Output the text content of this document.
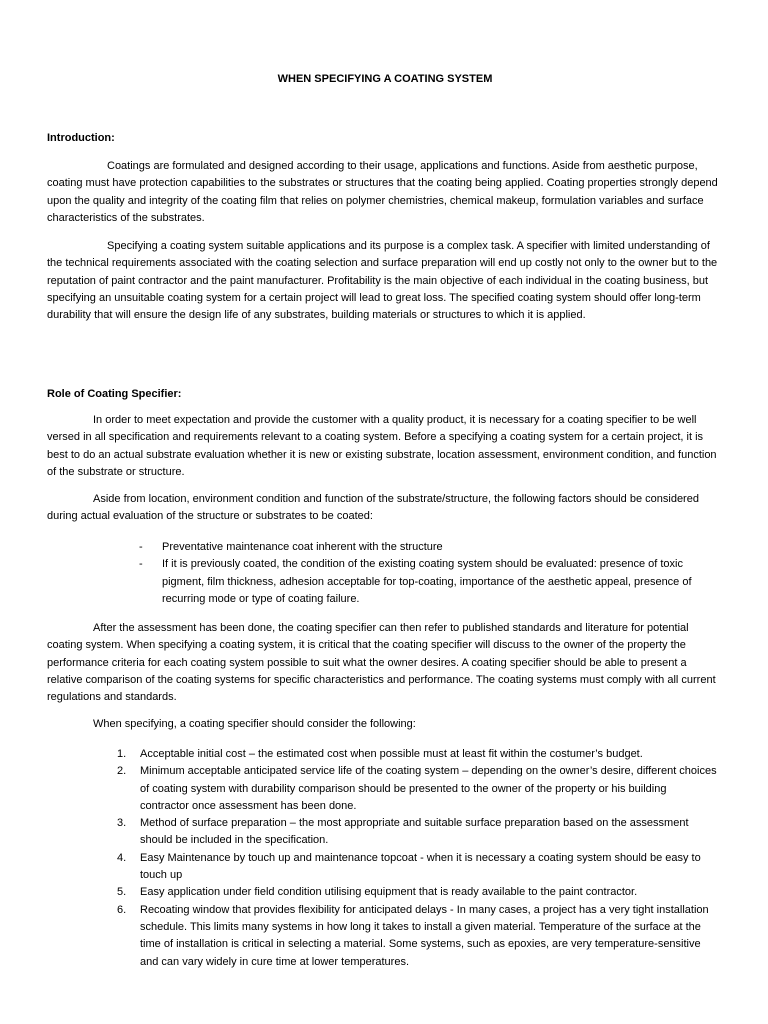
WHEN SPECIFYING A COATING SYSTEM
Introduction:

Coatings are formulated and designed according to their usage, applications and functions. Aside from aesthetic purpose, coating must have protection capabilities to the substrates or structures that the coating being applied. Coating properties strongly depend upon the quality and integrity of the coating film that relies on polymer chemistries, chemical makeup, formulation variables and surface characteristics of the substrates.

Specifying a coating system suitable applications and its purpose is a complex task. A specifier with limited understanding of the technical requirements associated with the coating selection and surface preparation will end up costly not only to the owner but to the reputation of paint contractor and the paint manufacturer. Profitability is the main objective of each individual in the coating business, but specifying an unsuitable coating system for a certain project will lead to great loss. The specified coating system should offer long-term durability that will ensure the design life of any substrates, building materials or structures to which it is applied.

Role of Coating Specifier:

In order to meet expectation and provide the customer with a quality product, it is necessary for a coating specifier to be well versed in all specification and requirements relevant to a coating system. Before a specifying a coating system for a certain project, it is best to do an actual substrate evaluation whether it is new or existing substrate, location assessment, environment condition, and function of the substrate or structure.

Aside from location, environment condition and function of the substrate/structure, the following factors should be considered during actual evaluation of the structure or substrates to be coated:

- Preventative maintenance coat inherent with the structure
- If it is previously coated, the condition of the existing coating system should be evaluated: presence of toxic pigment, film thickness, adhesion acceptable for top-coating, importance of the aesthetic appeal, presence of recurring mode or type of coating failure.

After the assessment has been done, the coating specifier can then refer to published standards and literature for potential coating system. When specifying a coating system, it is critical that the coating specifier will discuss to the owner of the property the performance criteria for each coating system possible to suit what the owner desires. A coating specifier should be able to present a relative comparison of the coating systems for specific characteristics and performance. The coating systems must comply with all current regulations and standards.

When specifying, a coating specifier should consider the following:

1. Acceptable initial cost – the estimated cost when possible must at least fit within the costumer’s budget.
2. Minimum acceptable anticipated service life of the coating system – depending on the owner’s desire, different choices of coating system with durability comparison should be presented to the owner of the property or his building contractor once assessment has been done.
3. Method of surface preparation – the most appropriate and suitable surface preparation based on the assessment should be included in the specification.
4. Easy Maintenance by touch up and maintenance topcoat - when it is necessary a coating system should be easy to touch up
5. Easy application under field condition utilising equipment that is ready available to the paint contractor.
6. Recoating window that provides flexibility for anticipated delays - In many cases, a project has a very tight installation schedule. This limits many systems in how long it takes to install a given material. Temperature of the surface at the time of installation is critical in selecting a material. Some systems, such as epoxies, are very temperature-sensitive and can vary widely in cure time at lower temperatures.
